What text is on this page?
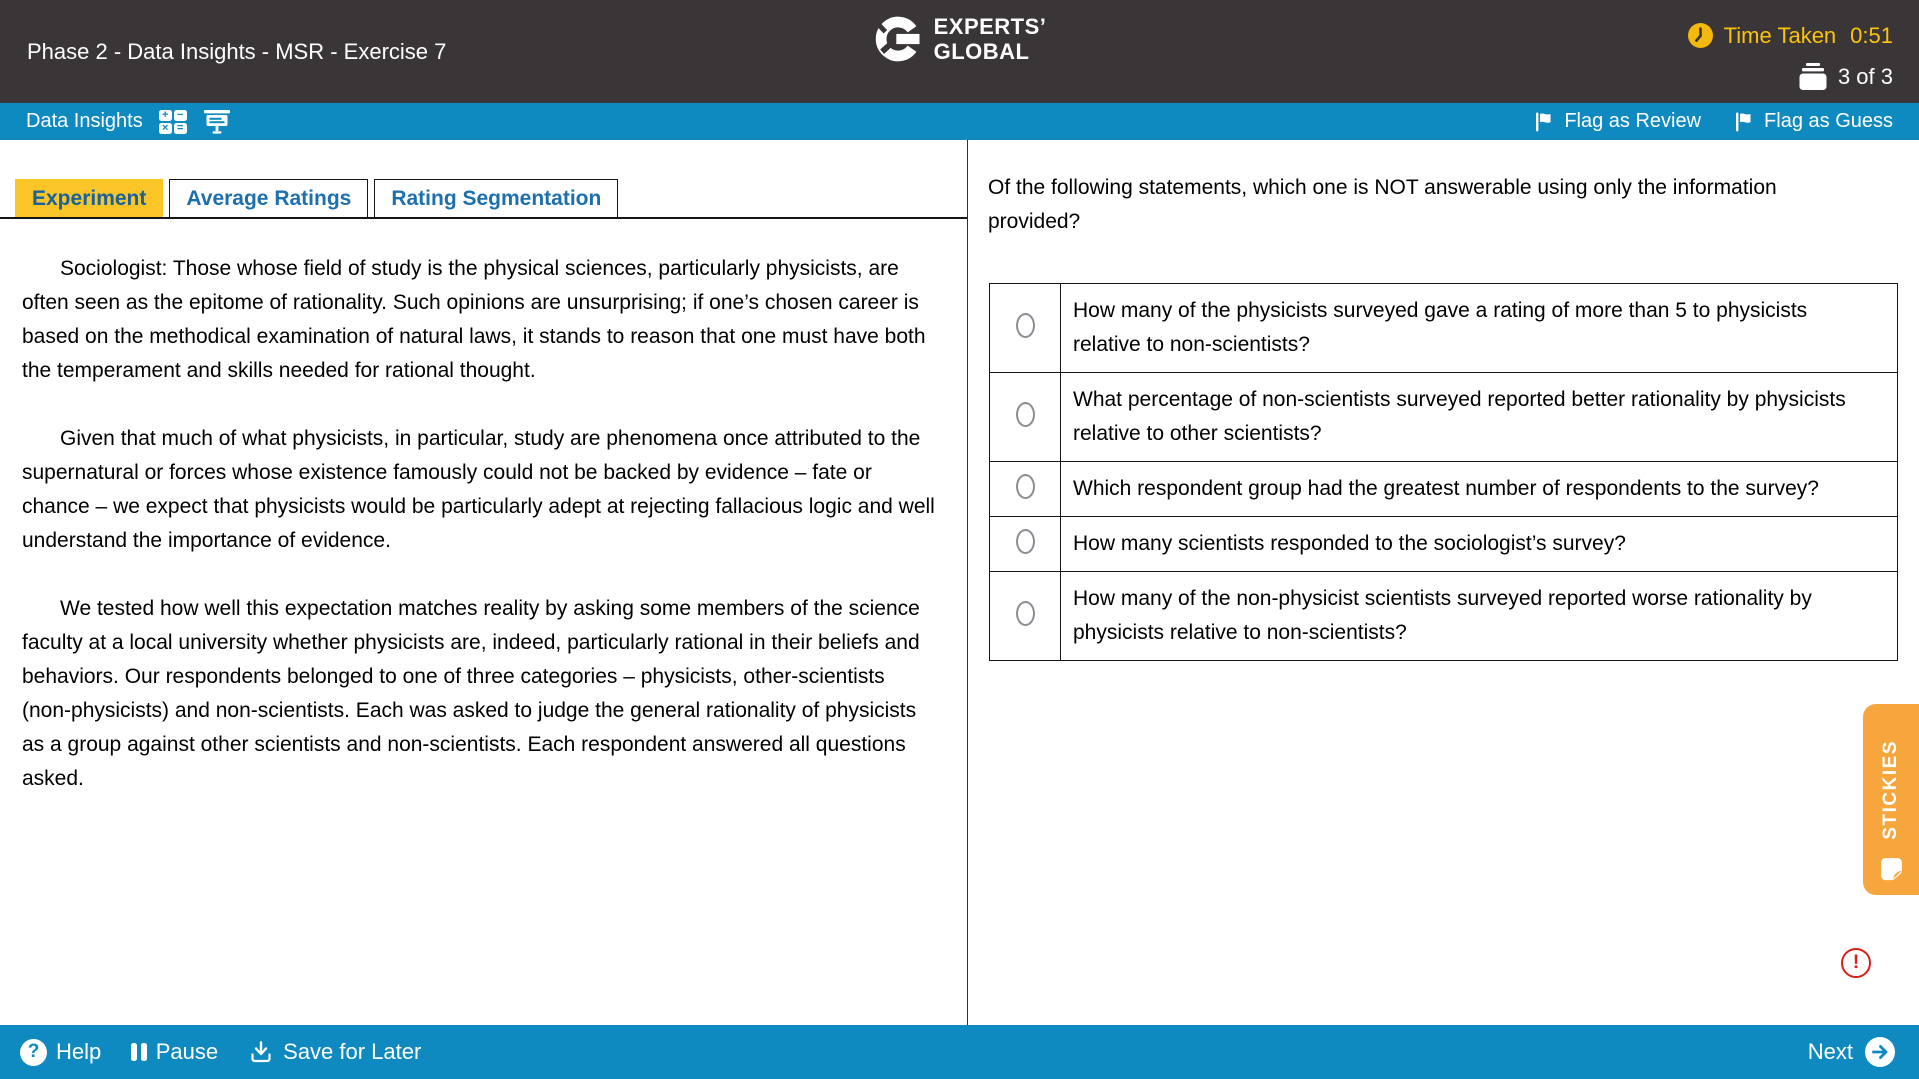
Phase 2 - Data Insights - MSR - Exercise 7
EXPERTS’
GLOBAL
Time Taken 0:51
3 of 3
Data Insights + −
× =	Flag as Review	Flag as Guess
Experiment	Average Ratings	Rating Segmentation

Sociologist: Those whose field of study is the physical sciences, particularly physicists, are often seen as the epitome of rationality. Such opinions are unsurprising; if one’s chosen career is based on the methodical examination of natural laws, it stands to reason that one must have both the temperament and skills needed for rational thought.

Given that much of what physicists, in particular, study are phenomena once attributed to the supernatural or forces whose existence famously could not be backed by evidence – fate or chance – we expect that physicists would be particularly adept at rejecting fallacious logic and well understand the importance of evidence.

We tested how well this expectation matches reality by asking some members of the science faculty at a local university whether physicists are, indeed, particularly rational in their beliefs and behaviors. Our respondents belonged to one of three categories – physicists, other-scientists (non-physicists) and non-scientists. Each was asked to judge the general rationality of physicists as a group against other scientists and non-scientists. Each respondent answered all questions asked.

Of the following statements, which one is NOT answerable using only the information provided?
	How many of the physicists surveyed gave a rating of more than 5 to physicists relative to non-scientists?
	What percentage of non-scientists surveyed reported better rationality by physicists relative to other scientists?
	Which respondent group had the greatest number of respondents to the survey?
	How many scientists responded to the sociologist’s survey?
	How many of the non-physicist scientists surveyed reported worse rationality by physicists relative to non-scientists?
STICKIES
!
? Help Pause	Save for Later	Next
